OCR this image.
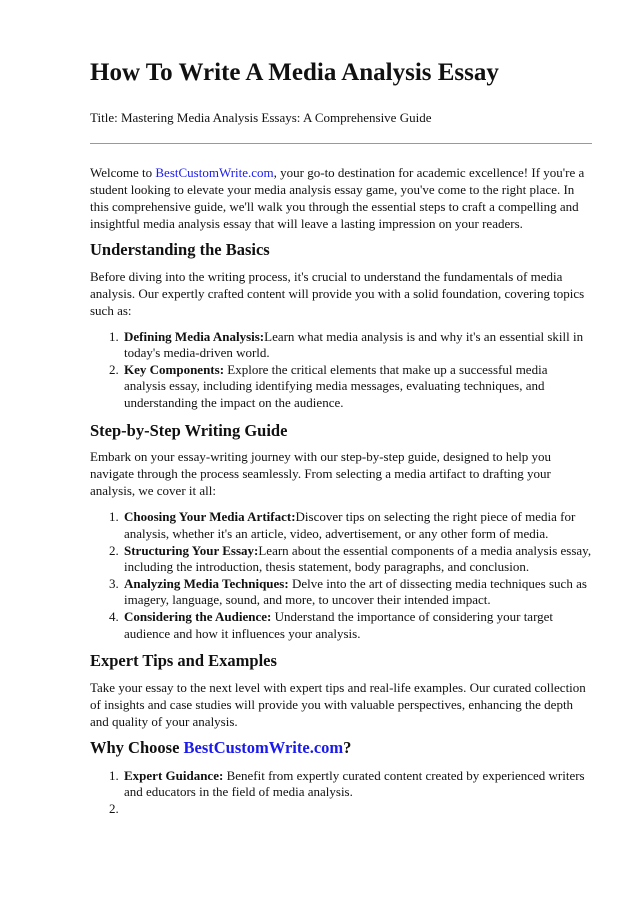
How To Write A Media Analysis Essay
Title: Mastering Media Analysis Essays: A Comprehensive Guide

Welcome to BestCustomWrite.com, your go-to destination for academic excellence! If you're a student looking to elevate your media analysis essay game, you've come to the right place. In this comprehensive guide, we'll walk you through the essential steps to craft a compelling and insightful media analysis essay that will leave a lasting impression on your readers.

Understanding the Basics

Before diving into the writing process, it's crucial to understand the fundamentals of media analysis. Our expertly crafted content will provide you with a solid foundation, covering topics such as:

1. Defining Media Analysis:Learn what media analysis is and why it's an essential skill in today's media-driven world.
2. Key Components: Explore the critical elements that make up a successful media analysis essay, including identifying media messages, evaluating techniques, and understanding the impact on the audience.
Step-by-Step Writing Guide

Embark on your essay-writing journey with our step-by-step guide, designed to help you navigate through the process seamlessly. From selecting a media artifact to drafting your analysis, we cover it all:

1. Choosing Your Media Artifact:Discover tips on selecting the right piece of media for analysis, whether it's an article, video, advertisement, or any other form of media.
2. Structuring Your Essay:Learn about the essential components of a media analysis essay, including the introduction, thesis statement, body paragraphs, and conclusion.
3. Analyzing Media Techniques: Delve into the art of dissecting media techniques such as imagery, language, sound, and more, to uncover their intended impact.
4. Considering the Audience: Understand the importance of considering your target audience and how it influences your analysis.
Expert Tips and Examples

Take your essay to the next level with expert tips and real-life examples. Our curated collection of insights and case studies will provide you with valuable perspectives, enhancing the depth and quality of your analysis.

Why Choose BestCustomWrite.com?
1. Expert Guidance: Benefit from expertly curated content created by experienced writers and educators in the field of media analysis.
2.
